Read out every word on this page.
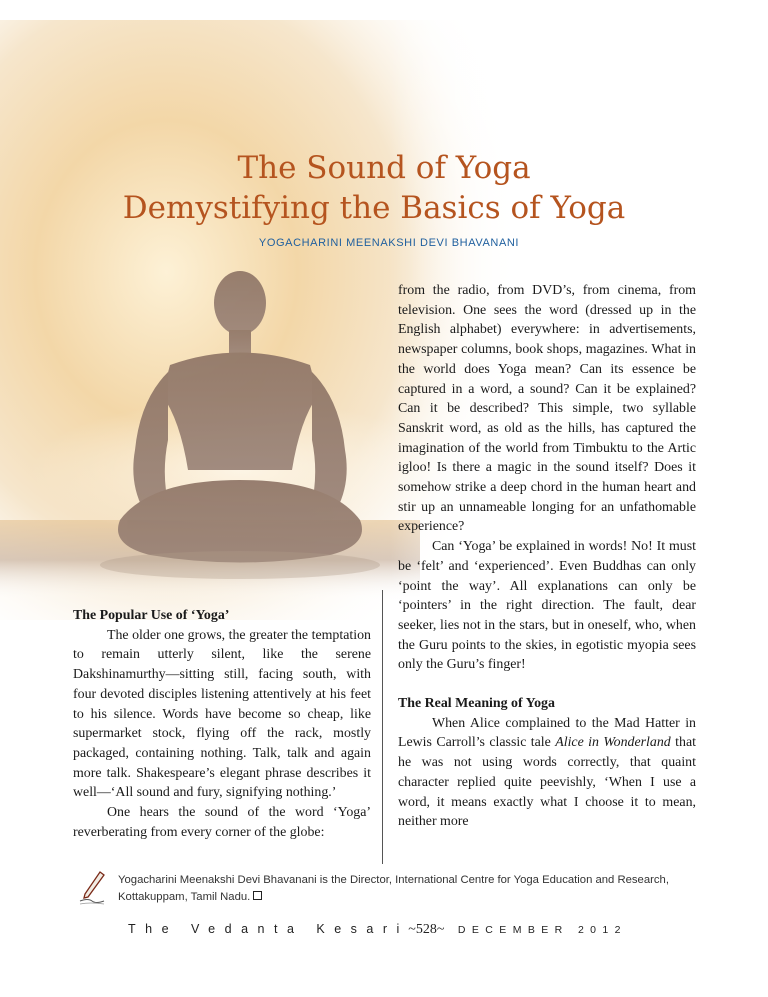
The Sound of Yoga
Demystifying the Basics of Yoga
YOGACHARINI MEENAKSHI DEVI BHAVANANI

The Popular Use of ‘Yoga’

The older one grows, the greater the temptation to remain utterly silent, like the serene Dakshinamurthy—sitting still, facing south, with four devoted disciples listening attentively at his feet to his silence. Words have become so cheap, like supermarket stock, flying off the rack, mostly packaged, containing nothing. Talk, talk and again more talk. Shakespeare’s elegant phrase describes it well—‘All sound and fury, signifying nothing.’

One hears the sound of the word ‘Yoga’ reverberating from every corner of the globe:

from the radio, from DVD’s, from cinema, from television. One sees the word (dressed up in the English alphabet) everywhere: in advertisements, newspaper columns, book shops, magazines. What in the world does Yoga mean? Can its essence be captured in a word, a sound? Can it be explained? Can it be described? This simple, two syllable Sanskrit word, as old as the hills, has captured the imagination of the world from Timbuktu to the Artic igloo! Is there a magic in the sound itself? Does it somehow strike a deep chord in the human heart and stir up an unnameable longing for an unfathomable experience?

Can ‘Yoga’ be explained in words! No! It must be ‘felt’ and ‘experienced’. Even Buddhas can only ‘point the way’. All explanations can only be ‘pointers’ in the right direction. The fault, dear seeker, lies not in the stars, but in oneself, who, when the Guru points to the skies, in egotistic myopia sees only the Guru’s finger!

The Real Meaning of Yoga

When Alice complained to the Mad Hatter in Lewis Carroll’s classic tale Alice in Wonderland that he was not using words correctly, that quaint character replied quite peevishly, ‘When I use a word, it means exactly what I choose it to mean, neither more

Yogacharini Meenakshi Devi Bhavanani is the Director, International Centre for Yoga Education and Research, Kottakuppam, Tamil Nadu.
The Vedanta Kesari ~528~ DECEMBER 2012
